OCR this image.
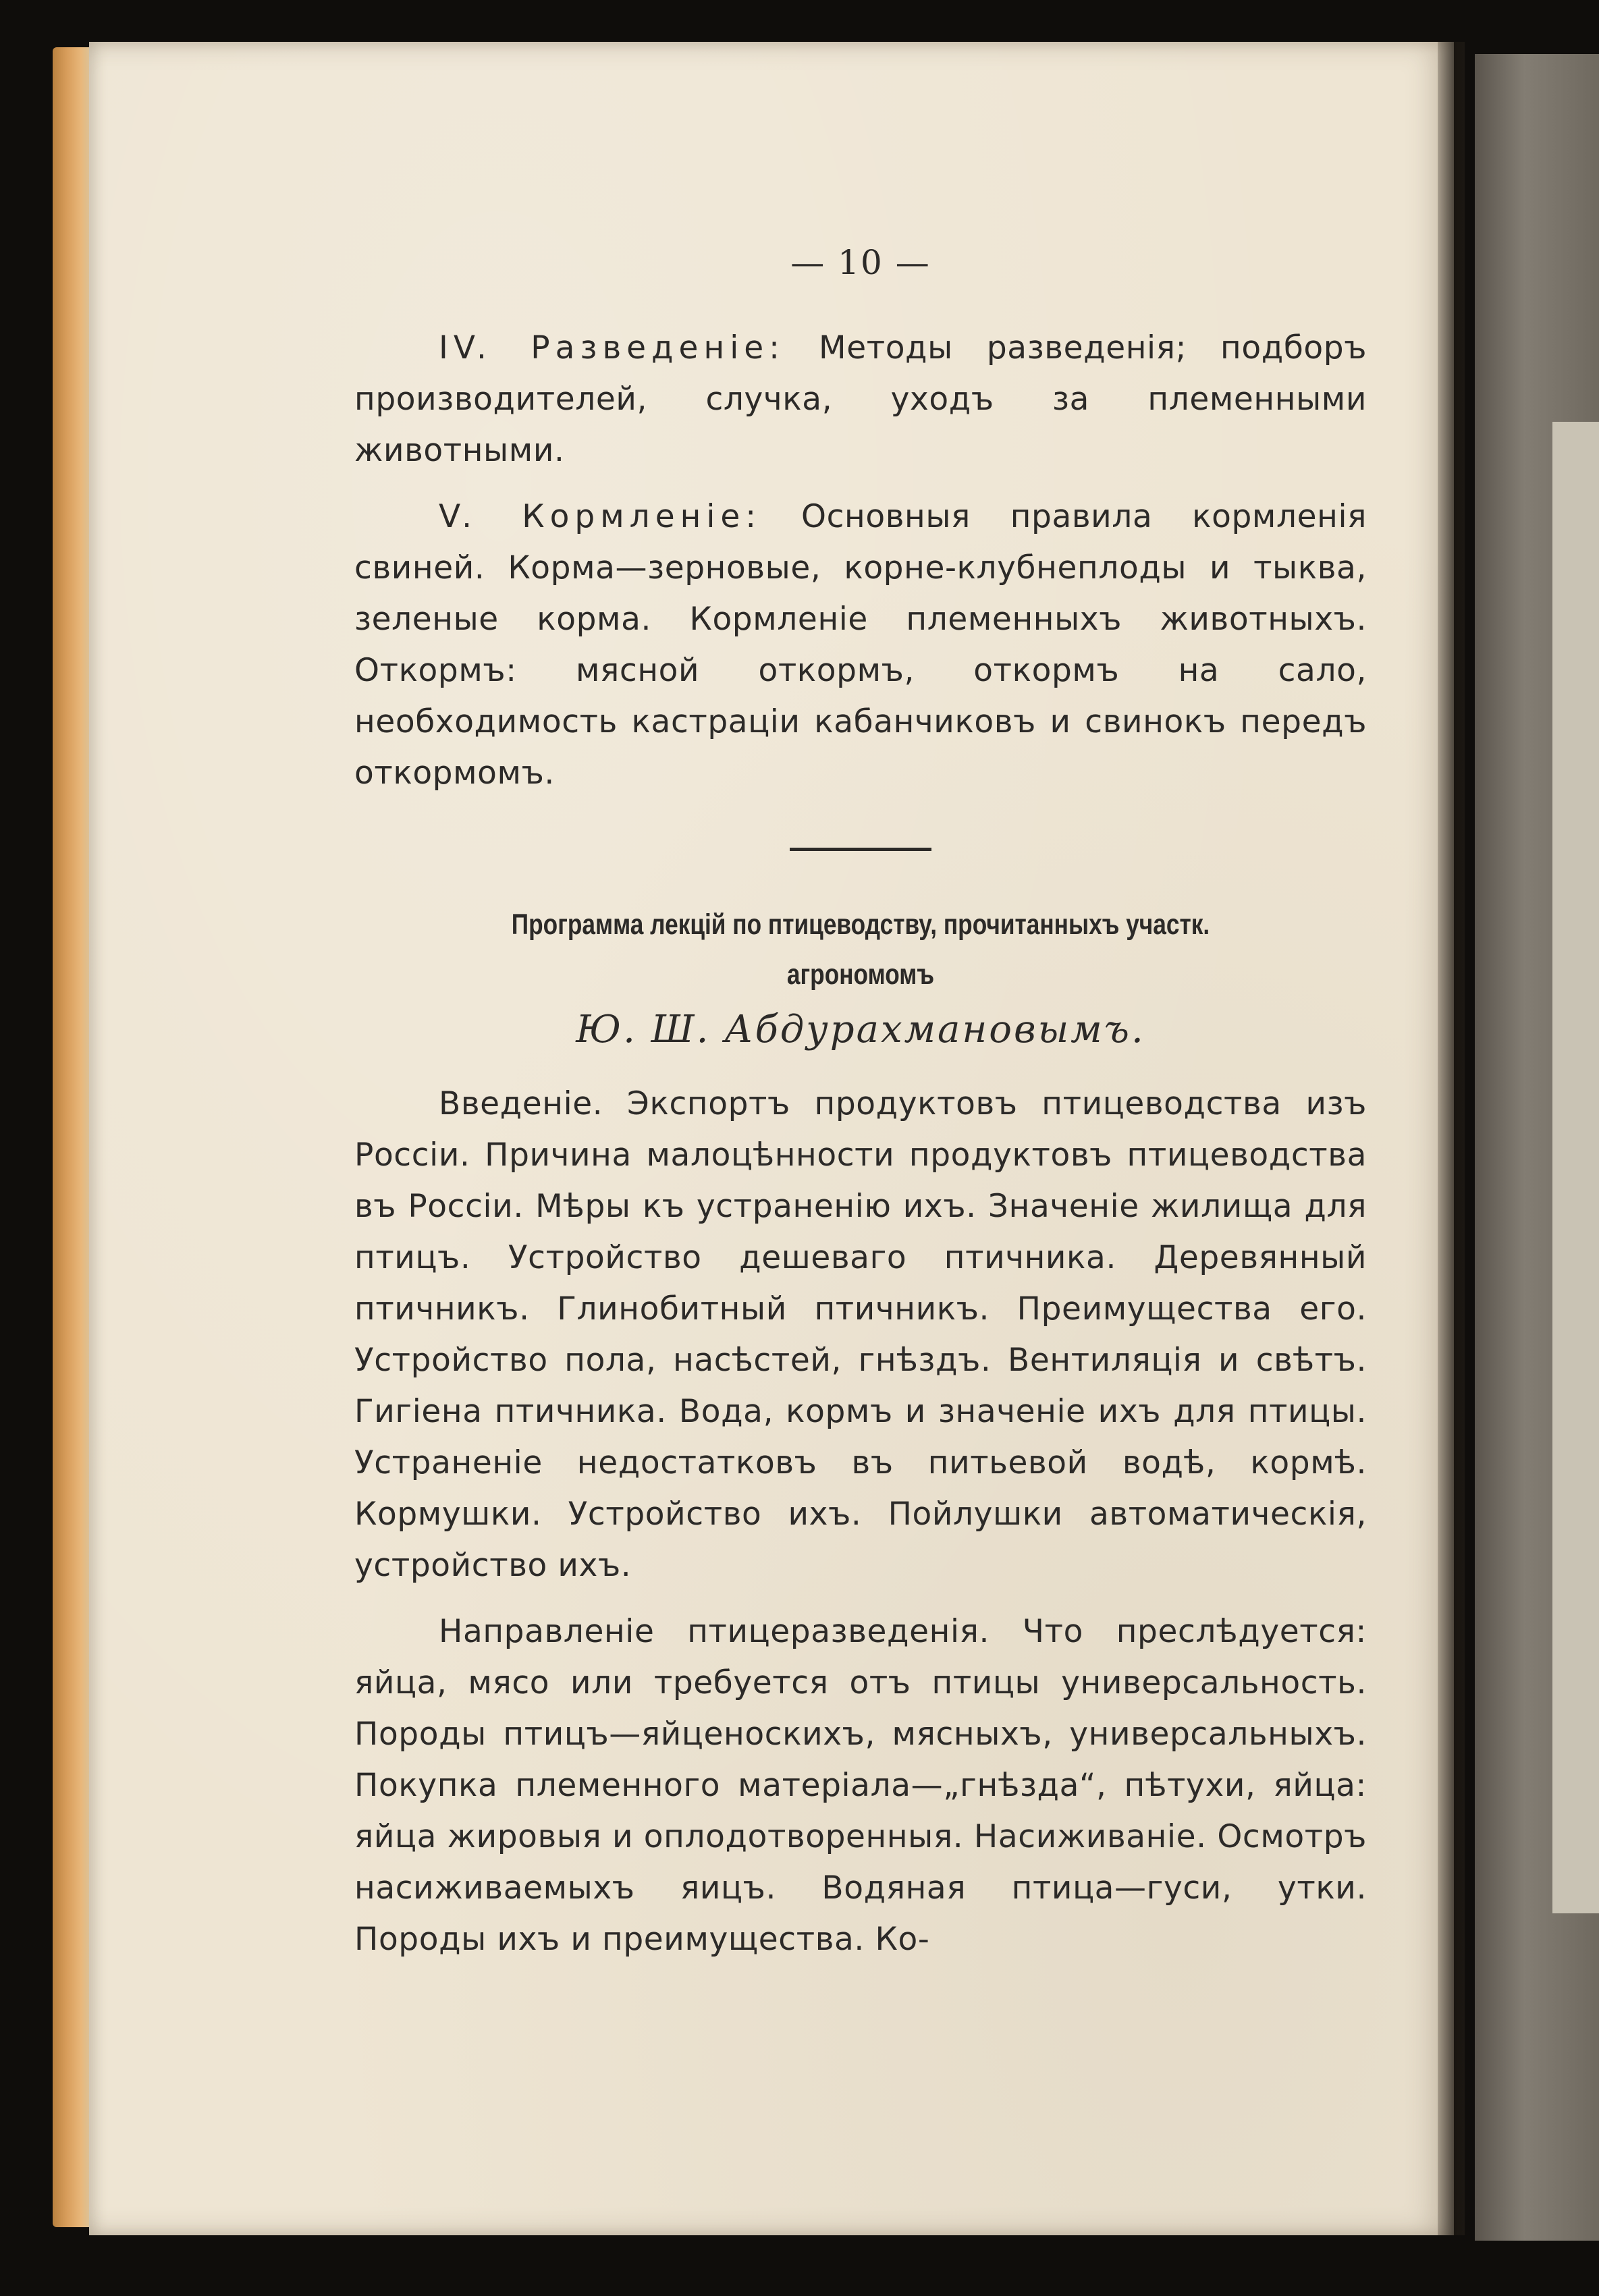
— 10 —

IV. Разведенiе: Методы разведенія; подборъ производителей, случка, уходъ за племенными животными.

V. Кормленiе: Основныя правила кормленія свиней. Корма—зерновые, корне-клубнеплоды и тыква, зеленые корма. Кормленiе племенныхъ животныхъ. Откормъ: мясной откормъ, откормъ на сало, необходимость кастрацiи кабанчиковъ и свинокъ передъ откормомъ.

Программа лекцій по птицеводству, прочитанныхъ участк.

агрономомъ

Ю. Ш. Абдурахмановымъ.

Введенiе. Экспортъ продуктовъ птицеводства изъ Россiи. Причина малоцѣнности продуктовъ птицеводства въ Россiи. Мѣры къ устраненiю ихъ. Значенiе жилища для птицъ. Устройство дешеваго птичника. Деревянный птичникъ. Глинобитный птичникъ. Преимущества его. Устройство пола, насѣстей, гнѣздъ. Вентиляцiя и свѣтъ. Гигiена птичника. Вода, кормъ и значенiе ихъ для птицы. Устраненiе недостатковъ въ питьевой водѣ, кормѣ. Кормушки. Устройство ихъ. Пойлушки автоматическiя, устройство ихъ.

Направленiе птицеразведенiя. Что преслѣдуется: яйца, мясо или требуется отъ птицы универсальность. Породы птицъ—яйценоскихъ, мясныхъ, универсальныхъ. Покупка племенного матерiала—„гнѣзда“, пѣтухи, яйца: яйца жировыя и оплодотворенныя. Насиживанiе. Осмотръ насиживаемыхъ яицъ. Водяная птица—гуси, утки. Породы ихъ и преимущества. Ко-
